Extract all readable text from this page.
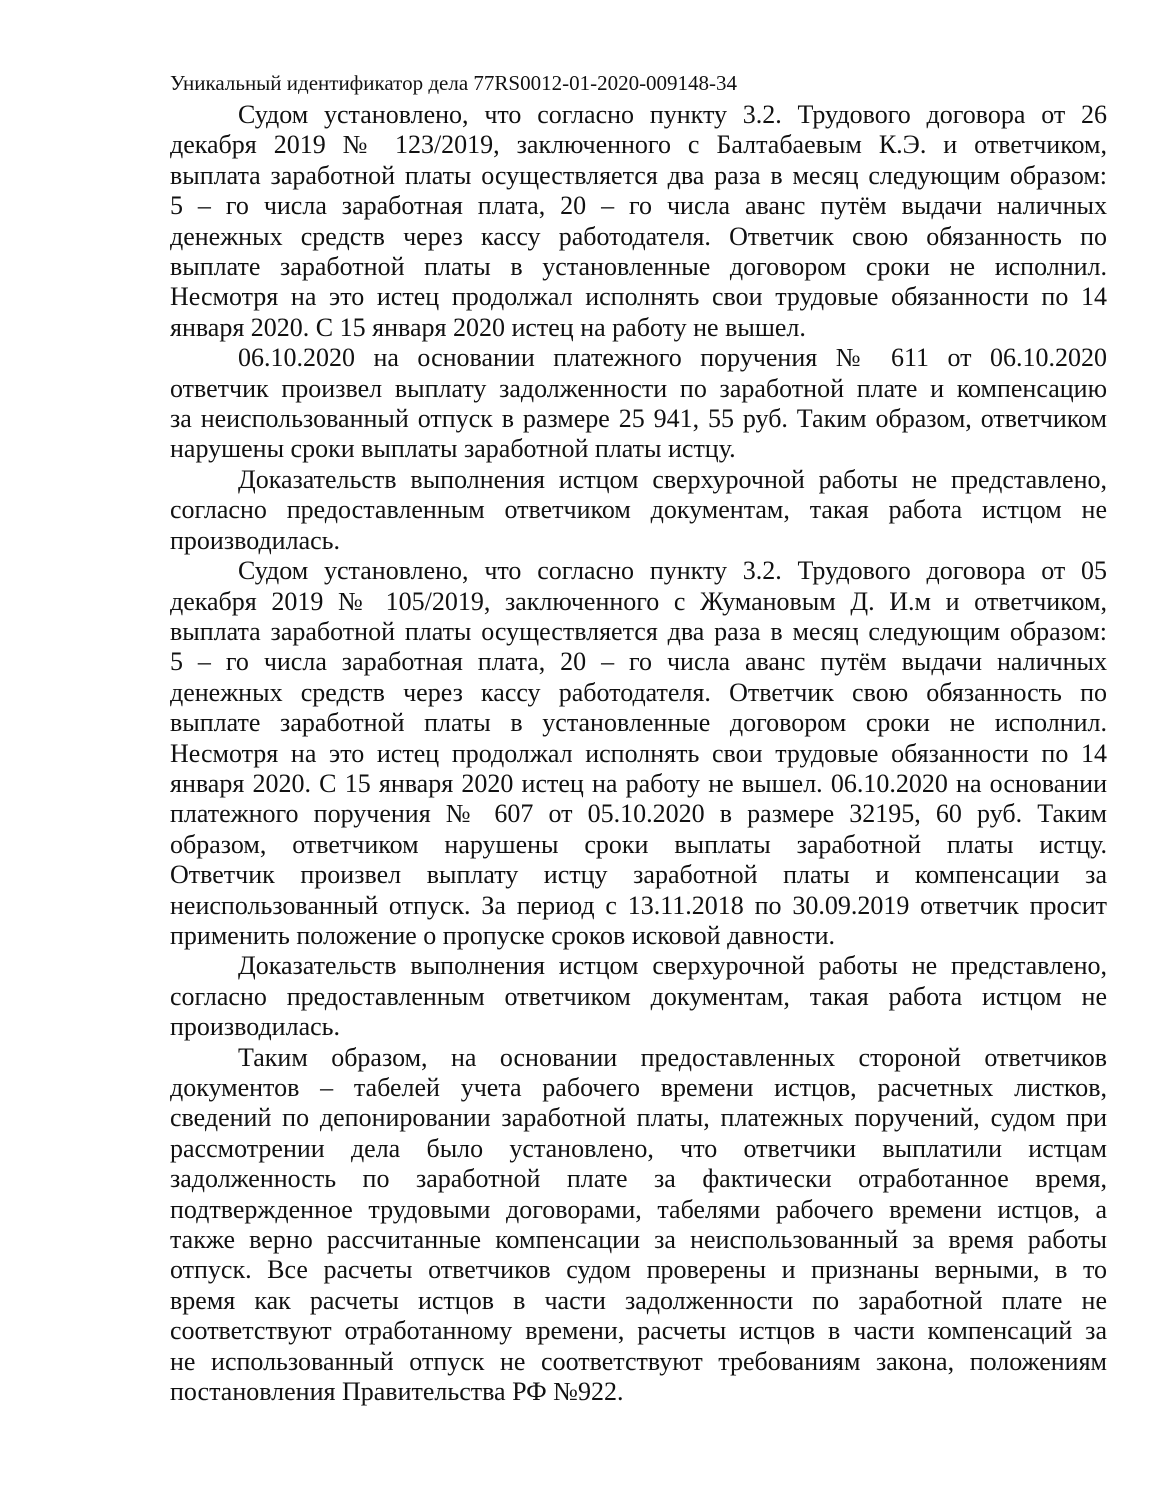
Уникальный идентификатор дела 77RS0012-01-2020-009148-34
Судом установлено, что согласно пункту 3.2. Трудового договора от 26
декабря 2019 № 123/2019, заключенного с Балтабаевым К.Э. и ответчиком,
выплата заработной платы осуществляется два раза в месяц следующим образом:
5 – го числа заработная плата, 20 – го числа аванс путём выдачи наличных
денежных средств через кассу работодателя. Ответчик свою обязанность по
выплате заработной платы в установленные договором сроки не исполнил.
Несмотря на это истец продолжал исполнять свои трудовые обязанности по 14
января 2020. С 15 января 2020 истец на работу не вышел.
06.10.2020 на основании платежного поручения № 611 от 06.10.2020
ответчик произвел выплату задолженности по заработной плате и компенсацию
за неиспользованный отпуск в размере 25 941, 55 руб. Таким образом, ответчиком
нарушены сроки выплаты заработной платы истцу.
Доказательств выполнения истцом сверхурочной работы не представлено,
согласно предоставленным ответчиком документам, такая работа истцом не
производилась.
Судом установлено, что согласно пункту 3.2. Трудового договора от 05
декабря 2019 № 105/2019, заключенного с Жумановым Д. И.м и ответчиком,
выплата заработной платы осуществляется два раза в месяц следующим образом:
5 – го числа заработная плата, 20 – го числа аванс путём выдачи наличных
денежных средств через кассу работодателя. Ответчик свою обязанность по
выплате заработной платы в установленные договором сроки не исполнил.
Несмотря на это истец продолжал исполнять свои трудовые обязанности по 14
января 2020. С 15 января 2020 истец на работу не вышел. 06.10.2020 на основании
платежного поручения № 607 от 05.10.2020 в размере 32195, 60 руб. Таким
образом, ответчиком нарушены сроки выплаты заработной платы истцу.
Ответчик произвел выплату истцу заработной платы и компенсации за
неиспользованный отпуск. За период с 13.11.2018 по 30.09.2019 ответчик просит
применить положение о пропуске сроков исковой давности.
Доказательств выполнения истцом сверхурочной работы не представлено,
согласно предоставленным ответчиком документам, такая работа истцом не
производилась.
Таким образом, на основании предоставленных стороной ответчиков
документов – табелей учета рабочего времени истцов, расчетных листков,
сведений по депонировании заработной платы, платежных поручений, судом при
рассмотрении дела было установлено, что ответчики выплатили истцам
задолженность по заработной плате за фактически отработанное время,
подтвержденное трудовыми договорами, табелями рабочего времени истцов, а
также верно рассчитанные компенсации за неиспользованный за время работы
отпуск. Все расчеты ответчиков судом проверены и признаны верными, в то
время как расчеты истцов в части задолженности по заработной плате не
соответствуют отработанному времени, расчеты истцов в части компенсаций за
не использованный отпуск не соответствуют требованиям закона, положениям
постановления Правительства РФ №922.
